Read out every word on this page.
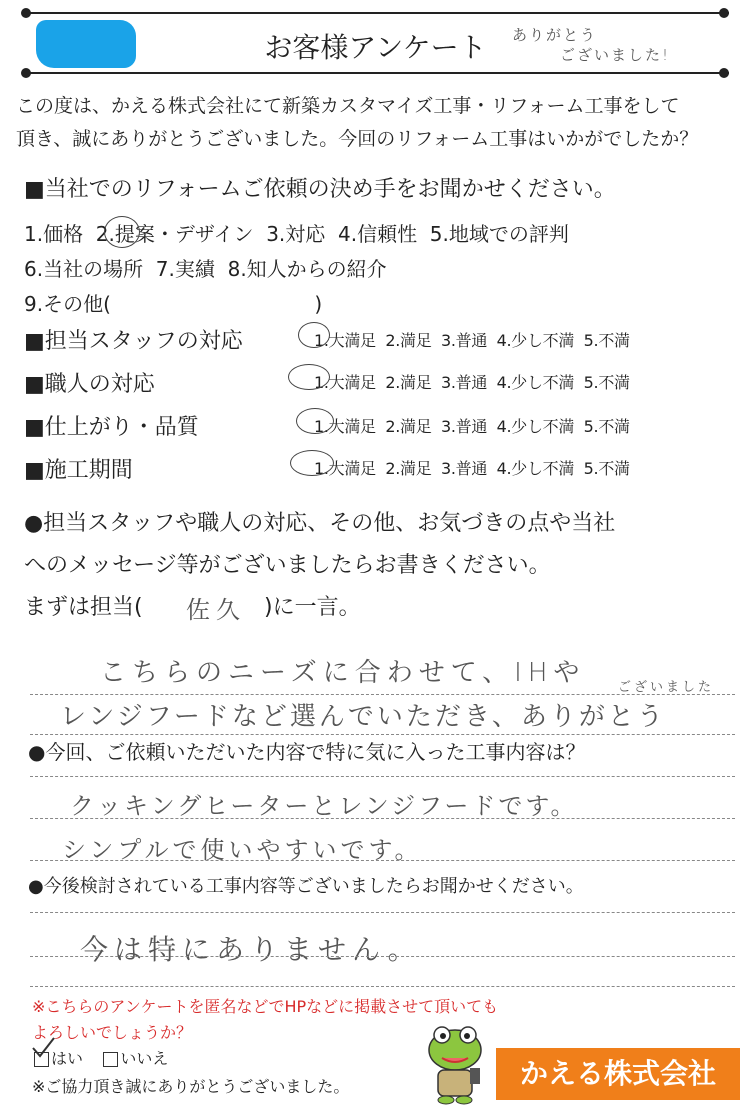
お客様アンケート	ありがとう
ございました!
この度は、かえる株式会社にて新築カスタマイズ工事・リフォーム工事をして
頂き、誠にありがとうございました。今回のリフォーム工事はいかがでしたか？
■当社でのリフォームご依頼の決め手をお聞かせください。
1.価格  2.提案・デザイン  3.対応  4.信頼性  5.地域での評判
6.当社の場所  7.実績  8.知人からの紹介
9.その他(                                )
■担当スタッフの対応	1.大満足  2.満足  3.普通  4.少し不満  5.不満
■職人の対応	1.大満足  2.満足  3.普通  4.少し不満  5.不満
■仕上がり・品質	1.大満足  2.満足  3.普通  4.少し不満  5.不満
■施工期間	1.大満足  2.満足  3.普通  4.少し不満  5.不満
●担当スタッフや職人の対応、その他、お気づきの点や当社
へのメッセージ等がございましたらお書きください。
まずは担当( 佐久 )に一言。
こちらのニーズに合わせて、IHや	ございました
レンジフードなど選んでいただき、ありがとう
●今回、ご依頼いただいた内容で特に気に入った工事内容は？
クッキングヒーターとレンジフードです。
シンプルで使いやすいです。
●今後検討されている工事内容等ございましたらお聞かせください。
今は特にありません。
※こちらのアンケートを匿名などでHPなどに掲載させて頂いても
よろしいでしょうか？
はい いいえ
※ご協力頂き誠にありがとうございました。	かえる株式会社
